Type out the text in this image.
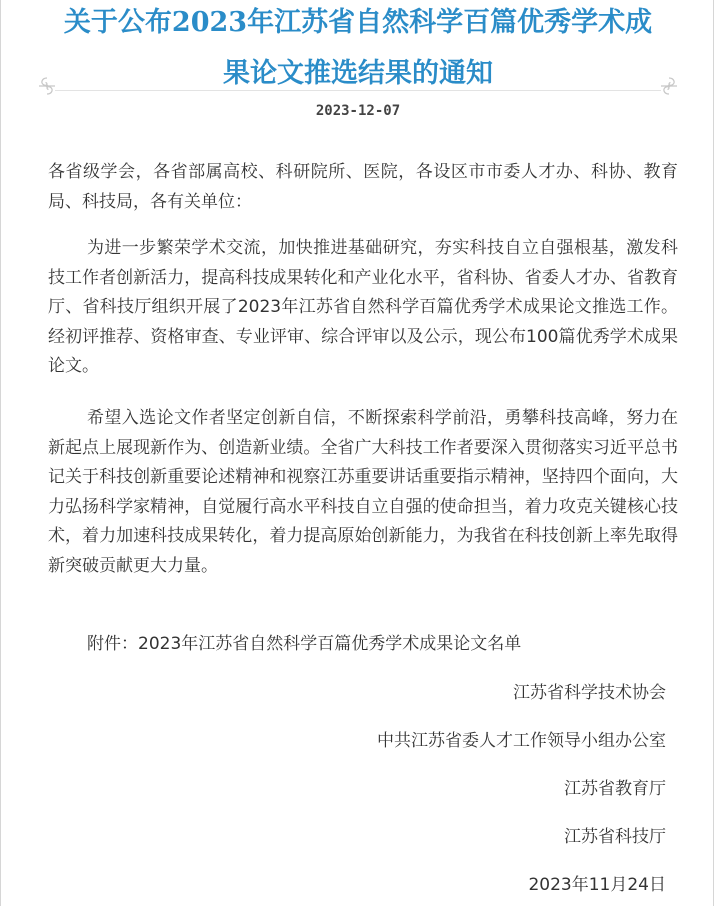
关于公布2023年江苏省自然科学百篇优秀学术成
果论文推选结果的通知
2023-12-07

各省级学会，各省部属高校、科研院所、医院，各设区市市委人才办、科协、教育局、科技局，各有关单位：

为进一步繁荣学术交流，加快推进基础研究，夯实科技自立自强根基，激发科技工作者创新活力，提高科技成果转化和产业化水平，省科协、省委人才办、省教育厅、省科技厅组织开展了2023年江苏省自然科学百篇优秀学术成果论文推选工作。经初评推荐、资格审查、专业评审、综合评审以及公示，现公布100篇优秀学术成果论文。

希望入选论文作者坚定创新自信，不断探索科学前沿，勇攀科技高峰，努力在新起点上展现新作为、创造新业绩。全省广大科技工作者要深入贯彻落实习近平总书记关于科技创新重要论述精神和视察江苏重要讲话重要指示精神，坚持四个面向，大力弘扬科学家精神，自觉履行高水平科技自立自强的使命担当，着力攻克关键核心技术，着力加速科技成果转化，着力提高原始创新能力，为我省在科技创新上率先取得新突破贡献更大力量。

附件：2023年江苏省自然科学百篇优秀学术成果论文名单
江苏省科学技术协会
中共江苏省委人才工作领导小组办公室
江苏省教育厅
江苏省科技厅
2023年11月24日
